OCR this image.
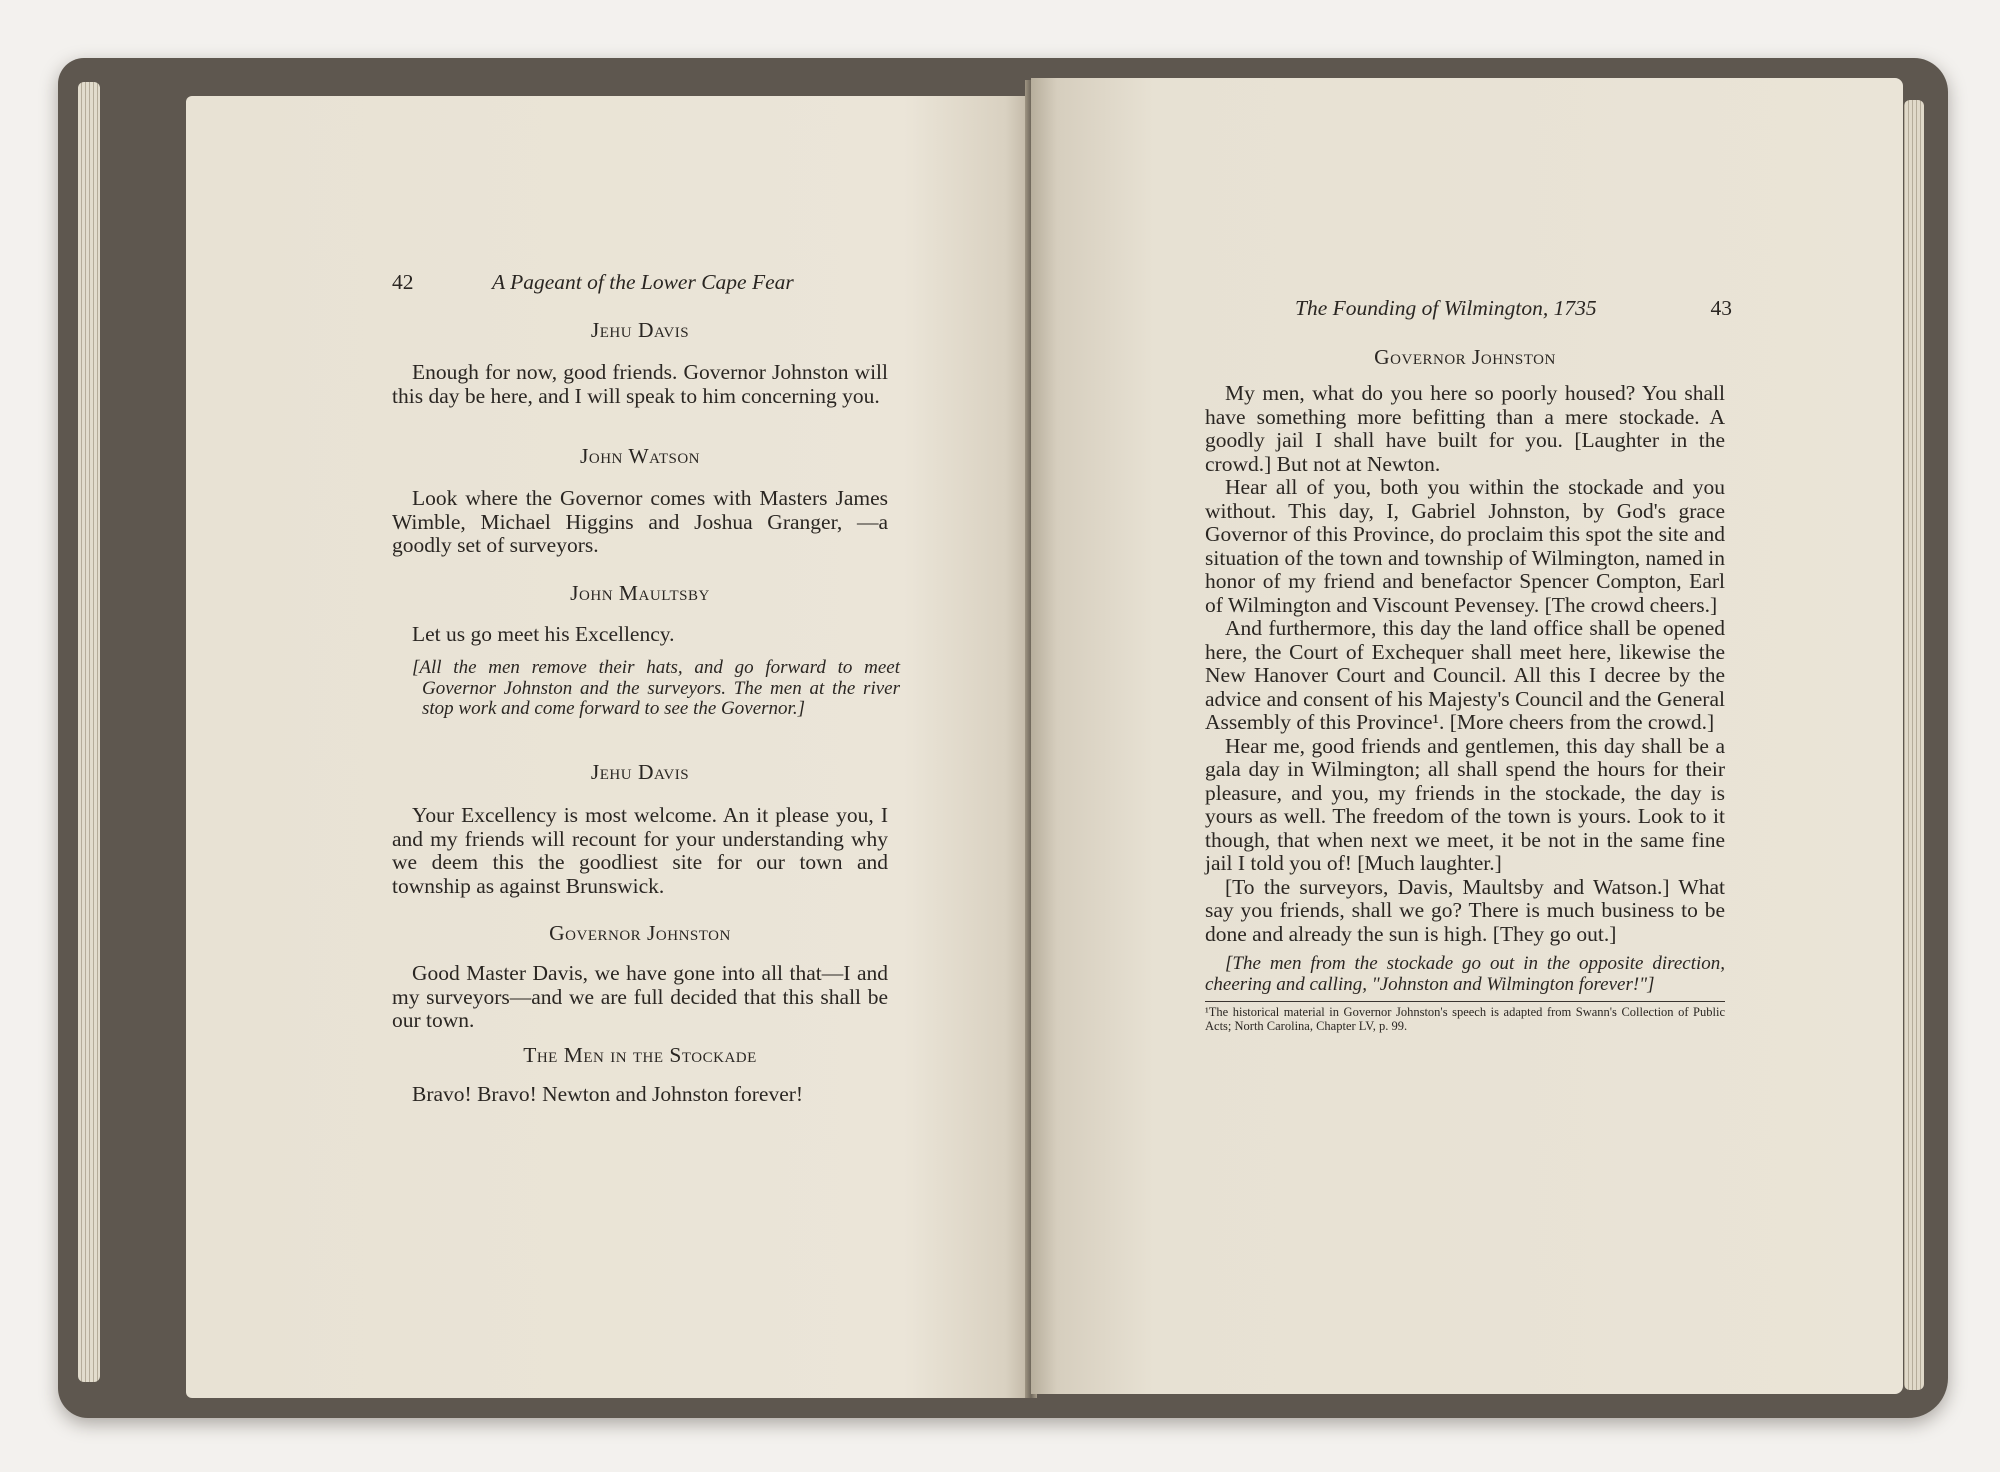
42	A Pageant of the Lower Cape Fear
Jehu Davis

Enough for now, good friends. Governor Johnston will this day be here, and I will speak to him concerning you.

John Watson

Look where the Governor comes with Masters James Wimble, Michael Higgins and Joshua Granger, —a goodly set of surveyors.

John Maultsby

Let us go meet his Excellency.

[All the men remove their hats, and go forward to meet Governor Johnston and the surveyors. The men at the river stop work and come forward to see the Governor.]

Jehu Davis

Your Excellency is most welcome. An it please you, I and my friends will recount for your understanding why we deem this the goodliest site for our town and township as against Brunswick.

Governor Johnston

Good Master Davis, we have gone into all that—I and my surveyors—and we are full decided that this shall be our town.

The Men in the Stockade

Bravo! Bravo! Newton and Johnston forever!

The Founding of Wilmington, 1735	43
Governor Johnston

My men, what do you here so poorly housed? You shall have something more befitting than a mere stockade. A goodly jail I shall have built for you. [Laughter in the crowd.] But not at Newton.

Hear all of you, both you within the stockade and you without. This day, I, Gabriel Johnston, by God's grace Governor of this Province, do proclaim this spot the site and situation of the town and township of Wilmington, named in honor of my friend and benefactor Spencer Compton, Earl of Wilmington and Viscount Pevensey. [The crowd cheers.]

And furthermore, this day the land office shall be opened here, the Court of Exchequer shall meet here, likewise the New Hanover Court and Council. All this I decree by the advice and consent of his Majesty's Council and the General Assembly of this Province¹. [More cheers from the crowd.]

Hear me, good friends and gentlemen, this day shall be a gala day in Wilmington; all shall spend the hours for their pleasure, and you, my friends in the stockade, the day is yours as well. The freedom of the town is yours. Look to it though, that when next we meet, it be not in the same fine jail I told you of! [Much laughter.]

[To the surveyors, Davis, Maultsby and Watson.] What say you friends, shall we go? There is much business to be done and already the sun is high. [They go out.]

[The men from the stockade go out in the opposite direction, cheering and calling, "Johnston and Wilmington forever!"]

¹The historical material in Governor Johnston's speech is adapted from Swann's Collection of Public Acts; North Carolina, Chapter LV, p. 99.
